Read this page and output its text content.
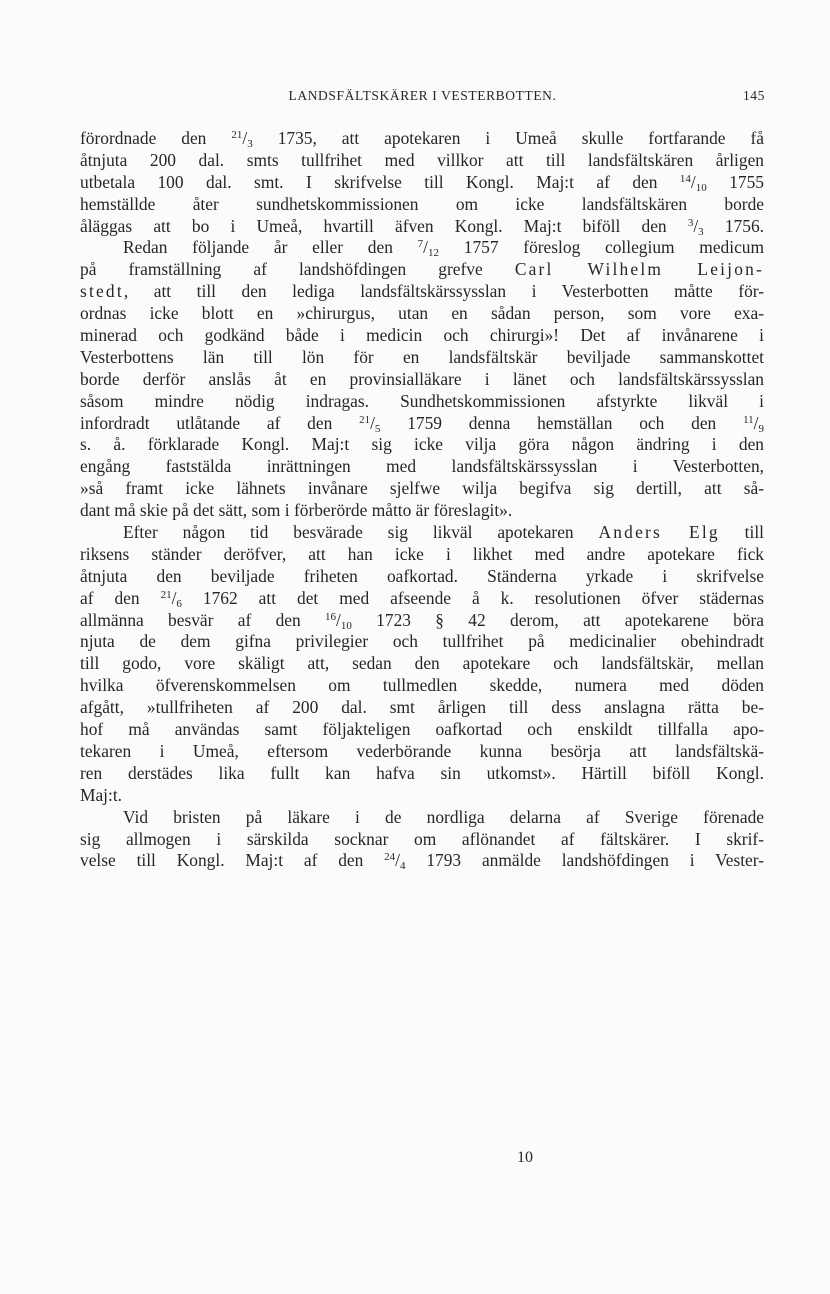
LANDSFÄLTSKÄRER I VESTERBOTTEN.	145
förordnade den $^{21}/_3$ 1735, att apotekaren i Umeå skulle fortfarande få
åtnjuta 200 dal. smts tullfrihet med villkor att till landsfältskären årligen
utbetala 100 dal. smt. I skrifvelse till Kongl. Maj:t af den $^{14}/_{10}$ 1755
hemställde åter sundhetskommissionen om icke landsfältskären borde
åläggas att bo i Umeå, hvartill äfven Kongl. Maj:t biföll den $^3/_3$ 1756.
Redan följande år eller den $^7/_{12}$ 1757 föreslog collegium medicum
på framställning af landshöfdingen grefve Carl Wilhelm Leijon-
stedt, att till den lediga landsfältskärssysslan i Vesterbotten måtte för-
ordnas icke blott en »chirurgus, utan en sådan person, som vore exa-
minerad och godkänd både i medicin och chirurgi»! Det af invånarene i
Vesterbottens län till lön för en landsfältskär beviljade sammanskottet
borde derför anslås åt en provinsialläkare i länet och landsfältskärssysslan
såsom mindre nödig indragas. Sundhetskommissionen afstyrkte likväl i
infordradt utlåtande af den $^{21}/_5$ 1759 denna hemställan och den $^{11}/_9$
s. å. förklarade Kongl. Maj:t sig icke vilja göra någon ändring i den
engång faststälda inrättningen med landsfältskärssysslan i Vesterbotten,
»så framt icke lähnets invånare sjelfwe wilja begifva sig dertill, att så-
dant må skie på det sätt, som i förberörde måtto är föreslagit».
Efter någon tid besvärade sig likväl apotekaren Anders Elg till
riksens ständer deröfver, att han icke i likhet med andre apotekare fick
åtnjuta den beviljade friheten oafkortad. Ständerna yrkade i skrifvelse
af den $^{21}/_6$ 1762 att det med afseende å k. resolutionen öfver städernas
allmänna besvär af den $^{16}/_{10}$ 1723 § 42 derom, att apotekarene böra
njuta de dem gifna privilegier och tullfrihet på medicinalier obehindradt
till godo, vore skäligt att, sedan den apotekare och landsfältskär, mellan
hvilka öfverenskommelsen om tullmedlen skedde, numera med döden
afgått, »tullfriheten af 200 dal. smt årligen till dess anslagna rätta be-
hof må användas samt följakteligen oafkortad och enskildt tillfalla apo-
tekaren i Umeå, eftersom vederbörande kunna besörja att landsfältskä-
ren derstädes lika fullt kan hafva sin utkomst». Härtill biföll Kongl.
Maj:t.
Vid bristen på läkare i de nordliga delarna af Sverige förenade
sig allmogen i särskilda socknar om aflönandet af fältskärer. I skrif-
velse till Kongl. Maj:t af den $^{24}/_4$ 1793 anmälde landshöfdingen i Vester-
10
